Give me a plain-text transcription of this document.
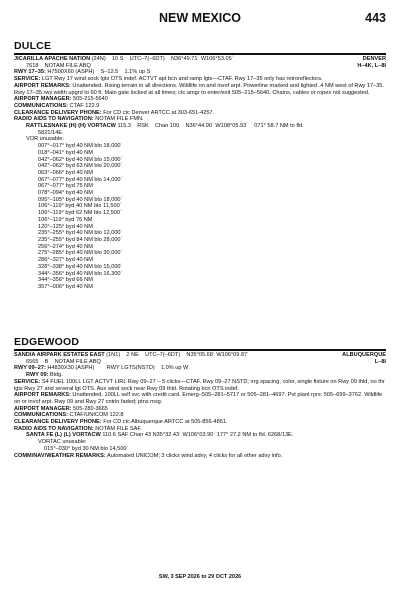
NEW MEXICO	443
DULCE
JICARILLA APACHE NATION (24N)    10 S    UTC–7(–6DT)    N36°49.71´ W106°53.05´	DENVER
7618    NOTAM FILE ABQ	H–4K, L–8I
RWY 17–35: H7500X60 (ASPH)    S–12.5    1.1% up S
SERVICE: LGT Rwy 17 wind sock lgts OTS indef. ACTVT apt bcn and ramp lgts—CTAF. Rwy 17–35 only has retroreflectors.
AIRPORT REMARKS: Unattended. Rising terrain in all directions. Wildlife on and invof arpt. Powerline marked and lighted .4 NM west of Rwy 17–35. Rwy 17–35 rwy width upgrd to 60 ft. Main gate locked at all times; ctc amgr to enter/exit 505–215–5640. Chains, cables or ropes not suggested.
AIRPORT MANAGER: 505-215-5640
COMMUNICATIONS: CTAF 122.9
CLEARANCE DELIVERY PHONE: For CD ctc Denver ARTCC at 303-651-4257.
RADIO AIDS TO NAVIGATION: NOTAM FILE FMN.
RATTLESNAKE (H) (H) VORTACW 115.3    RSK    Chan 100    N36°44.90´ W108°05.93´    071° 58.7 NM to fld.
5821/14E.
VOR unusable:
007°–017° byd 40 NM blo 18,000´
018°–041° byd 40 NM
042°–062° byd 40 NM blo 15,000´
042°–062° byd 63 NM blo 20,000´
063°–066° byd 40 NM
067°–077° byd 40 NM blo 14,000´
067°–077° byd 75 NM
078°–094° byd 40 NM
095°–105° byd 40 NM blo 18,000´
106°–119° byd 40 NM blo 11,500´
106°–119° byd 62 NM blo 12,500´
106°–119° byd 76 NM
120°–125° byd 40 NM
235°–255° byd 40 NM blo 12,000´
235°–255° byd 84 NM blo 28,000´
256°–274° byd 40 NM
275°–285° byd 40 NM blo 30,000´
286°–327° byd 40 NM
328°–338° byd 40 NM blo 15,000´
344°–356° byd 40 NM blo 16,300´
344°–356° byd 66 NM
357°–006° byd 40 NM
EDGEWOOD
SANDIA AIRPARK ESTATES EAST (1N1)    2 NE    UTC–7(–6DT)    N35°05.68´ W106°09.87´	ALBUQUERQUE
6565    B    NOTAM FILE ABQ	L–8I
RWY 09–27: H4830X30 (ASPH)        RWY LGTS(NSTD)    1.0% up W
RWY 09: Bldg.
SERVICE: S4 FUEL 100LL LGT ACTVT LIRL Rwy 09–27 – 5 clicks—CTAF. Rwy 09–27 NSTD; irrg spacing, color, single fixture on Rwy 09 thld, no thr lgts Rwy 27 and several lgt OTS. Aux wind sock near Rwy 09 thld. Rotating bcn OTS indef.
AIRPORT REMARKS: Unattended. 100LL self svc with credit card. Emerg–505–281–5717 or 505–281–4697. Pvt plant rprs: 505–699–3762. Wildlife on or invof arpt. Rwy 09 and Rwy 27 cntrln faded; ptns msg.
AIRPORT MANAGER: 505-280-3665
COMMUNICATIONS: CTAF/UNICOM 122.8
CLEARANCE DELIVERY PHONE: For CD ctc Albuquerque ARTCC at 505-856-4861.
RADIO AIDS TO NAVIGATION: NOTAM FILE SAF.
SANTA FE (L) (L) VORTACW 110.6 SAF Chan 43 N35°32.43´ W106°03.90´ 177° 27.2 NM to fld. 6268/13E.
VORTAC unusable:
015°–030° byd 30 NM blo 14,500´
COMM/NAV/WEATHER REMARKS: Automated UNICOM; 3 clicks wind advy, 4 clicks for all other advy info.
SW, 3 SEP 2026 to 29 OCT 2026
